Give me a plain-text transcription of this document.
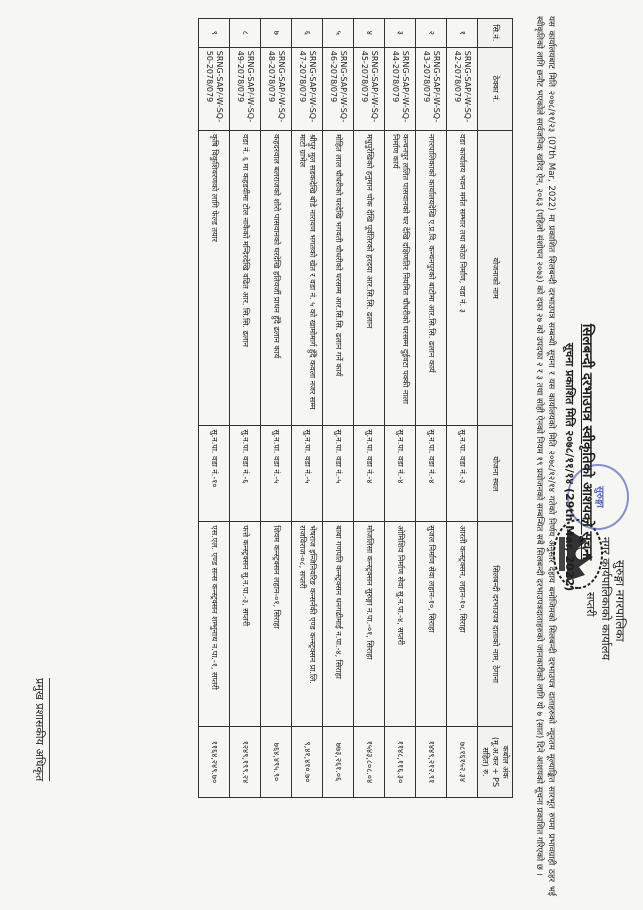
सुरुङ्गा
सुरुङ्गा नगरपालिका
नगर कार्यपालिकाको कार्यालय
सप्तरी
सिलबन्दी दरभाउपत्र स्वीकृतिको आशयको सूचना
सूचना प्रकाशित मिति २०७८/११/१४ (29th Mar, 2022)
यस कार्यालयबाट मिति २०७८/११/२३ (07th Mar, 2022) मा प्रकाशित सिलबन्दी दरभाउपत्र सम्बन्धी सूचना र यस कार्यालयको मिति २०७८/१२/१४ गतेको निर्णय अनुसार देहाय बमोजिमको सिलबन्दी दरभाउपत्र दाताहरुको न्यूनतम मूल्याङ्कित सारभूत रुपमा प्रभावग्राही ठहर भई स्वीकृतिको लागि छनौट भएकोले सार्वजनिक खरिद ऐन, २०६३ (पहिलो संशोधन २०७३) को दफा २७ को उपदफा २ र ३ तथा सोही ऐनको नियम १९ प्रयोजनको सम्बन्धित सबै सिलबन्दी दरभाउपत्रदाताहरुको जानकारीको लागि यो ७ (सात) दिने आशयको सूचना प्रकाशित गरिएको छ ।
सि.नं.	ठेक्का नं.	योजनाको नाम	योजना स्थल	सिलबन्दी दरभाउपत्र दाताको नाम, ठेगाना	कबोल अंक (मू.अ.कर + PS सहित) रु.
१	SRNG-SAP/-W-SQ-42-2078/079	वडा कार्यालय भवन मर्मत सम्भार तथा कोठा निर्माण, वडा नं. ३	सु.न.पा. वडा नं.-३	आरती कन्स्ट्रक्सन, लहान-१०, सिराहा	७८१६१५२.३४
२	SRNG-SAP/-W-SQ-43-2078/079	नगरपालिकाको कार्यालयदेखि ए.प्र.वि. कन्चनपुरको बाटोमा आर.सि.सि. ढलान कार्य	सु.न.पा. वडा नं.-४	सुजल निर्माण सेवा लहान-१०, सिराहा	१४४९,२१२.९१
३	SRNG-SAP/-W-SQ-44-2078/079	कन्चनपुर ललित पासवानको घर देखि दक्षिणतिर नियमित चौधरीको घरसम्म दुईवटा पक्की नाला निर्माण कार्य	सु.न.पा. वडा नं.-४	ओमिशिव निर्माण सेवा सु.न.पा.-४, सप्तरी	११४८,११६.३०
४	SRNG-SAP/-W-SQ-45-2078/079	मधुपुरेखिको हनुमान चोक देखि पूर्वतिरको हरदया आर.सि.सि. ढलान	सु.न.पा. वडा नं.-४	मोजलिसा कन्स्ट्रक्सन सुरुङ्गा न.पा.-०१, सिराहा	१५४३,८०८.०४
५	SRNG-SAP/-W-SQ-46-2078/079	मोहित लाल चौधरीको घरदेखि भगवती चौधरीको घरसम्म आर.सि.सि. ढलान गर्ने कार्य	सु.न.पा. वडा नं.-५	बाबा गणपति कन्स्ट्रक्सन धनगढीमाई न.पा.-४, सिराहा	७७३,२६१.०६
६	SRNG-SAP/-W-SQ-47-2078/079	श्रीपुर मुल सडकदेखि बोडे नारायण भगतको खेत र वडा नं. ५ को खामोमार्ग हुँदै कवला नजर सम्म माटो ग्राभेल	सु.न.पा. वडा नं.-५	भेषराज इन्जिनियरिङ कन्सर्नकी एण्ड कन्स्ट्रक्सन प्रा.लि. राजविराज-०८, सप्तरी	९,४१,४१०.७०
७	SRNG-SAP/-W-SQ-48-2078/079	कहदरवाल बलराजको शोरो पासवानको घरदेखि हतिवर्जी प्राधन हुँदै ढलान कार्य	सु.न.पा. वडा नं.-५	शिवम कन्स्ट्रक्सन लहान-०१, सिराहा	७६४,४९५.९०
८	SRNG-SAP/-W-SQ-49-2078/079	वडा नं. ६ मा कहडवीमा टोल नाकैको मन्दिरदेखि वढित आर. सि.सि. ढलान	सु.न.पा. वडा नं.-६	फत्ते कन्स्ट्रक्सन सु.न.पा.-३, सप्तरी	१२४९,१९९.२४
९	SRNG-SAP/-W-SQ-50-2078/079	कृषि विकुशिवरणको लागि फेल्ड तयार	सु.न.पा. वडा नं.-१०	एस.एल. एण्ड सन्स कन्स्ट्रक्सन शम्भुनाथ न.पा.-१, सप्तरी	११६४,२४९.७०
प्रमुख प्रशासकीय अधिकृत
